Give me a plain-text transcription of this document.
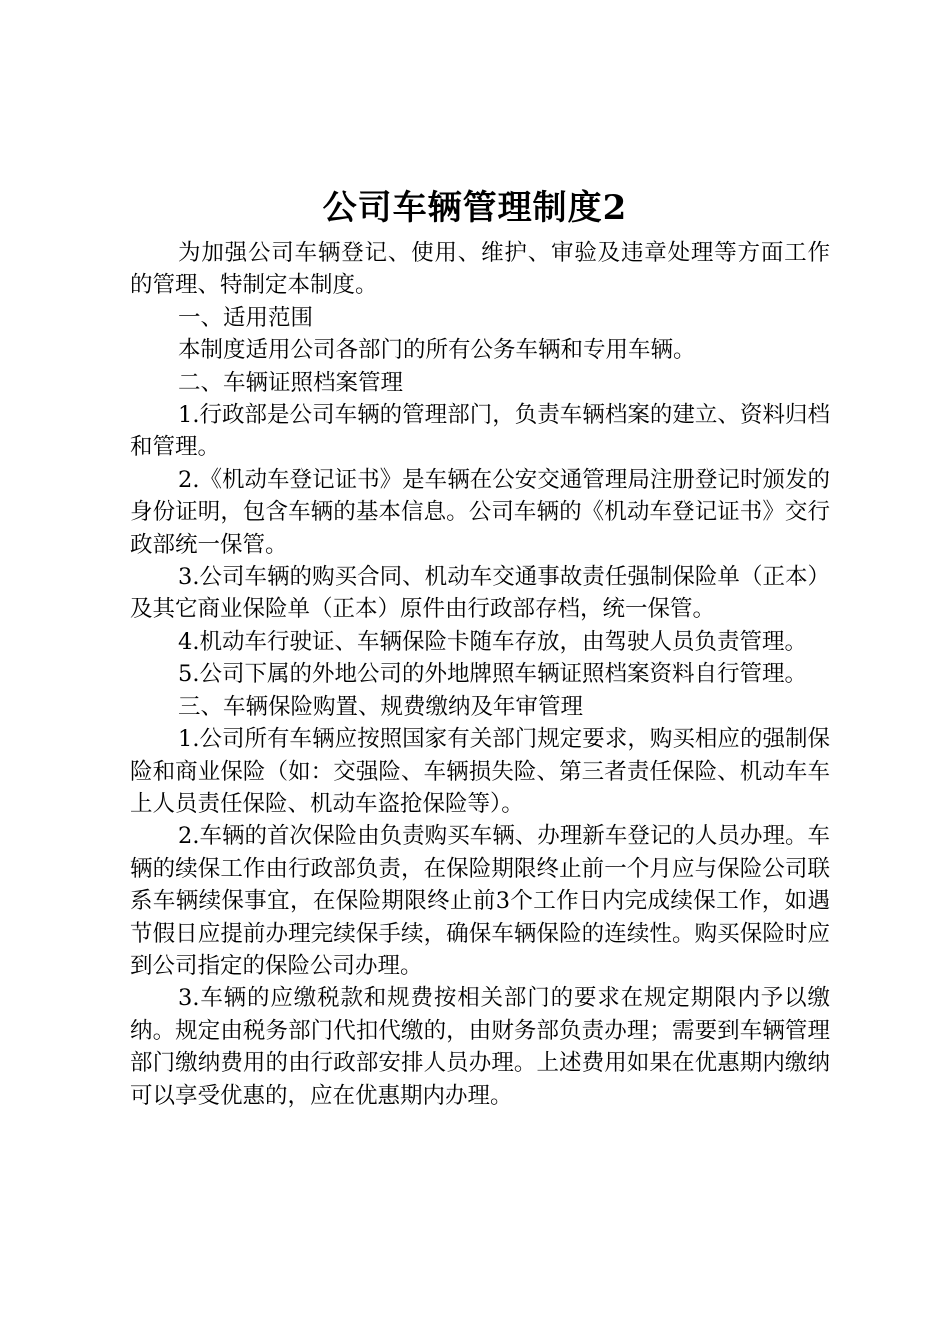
公司车辆管理制度2

为加强公司车辆登记、使用、维护、审验及违章处理等方面工作的管理、特制定本制度。

一、适用范围

本制度适用公司各部门的所有公务车辆和专用车辆。

二、车辆证照档案管理

1.行政部是公司车辆的管理部门，负责车辆档案的建立、资料归档和管理。

2.《机动车登记证书》是车辆在公安交通管理局注册登记时颁发的身份证明，包含车辆的基本信息。公司车辆的《机动车登记证书》交行政部统一保管。

3.公司车辆的购买合同、机动车交通事故责任强制保险单（正本）及其它商业保险单（正本）原件由行政部存档，统一保管。

4.机动车行驶证、车辆保险卡随车存放，由驾驶人员负责管理。

5.公司下属的外地公司的外地牌照车辆证照档案资料自行管理。

三、车辆保险购置、规费缴纳及年审管理

1.公司所有车辆应按照国家有关部门规定要求，购买相应的强制保险和商业保险（如：交强险、车辆损失险、第三者责任保险、机动车车上人员责任保险、机动车盗抢保险等）。

2.车辆的首次保险由负责购买车辆、办理新车登记的人员办理。车辆的续保工作由行政部负责，在保险期限终止前一个月应与保险公司联系车辆续保事宜，在保险期限终止前3个工作日内完成续保工作，如遇节假日应提前办理完续保手续，确保车辆保险的连续性。购买保险时应到公司指定的保险公司办理。

3.车辆的应缴税款和规费按相关部门的要求在规定期限内予以缴纳。规定由税务部门代扣代缴的，由财务部负责办理；需要到车辆管理部门缴纳费用的由行政部安排人员办理。上述费用如果在优惠期内缴纳可以享受优惠的，应在优惠期内办理。
